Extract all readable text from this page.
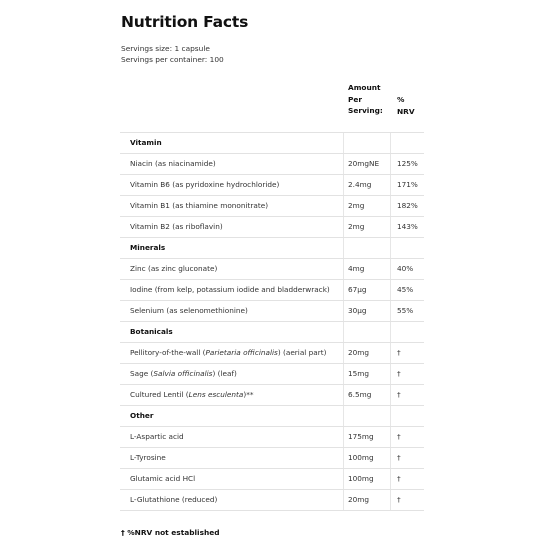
Nutrition Facts
Servings size: 1 capsule
Servings per container: 100
Amount
Per
Serving:
%
NRV
Vitamin
Niacin (as niacinamide)	20mgNE 125%
Vitamin B6 (as pyridoxine hydrochloride)	2.4mg	171%
Vitamin B1 (as thiamine mononitrate)	2mg	182%
Vitamin B2 (as riboflavin)	2mg	143%
Minerals
Zinc (as zinc gluconate)	4mg	40%
Iodine (from kelp, potassium iodide and bladderwrack) 67µg	45%
Selenium (as selenomethionine)	30µg	55%
Botanicals
Pellitory-of-the-wall (Parietaria officinalis) (aerial part)	20mg	†
Sage (Salvia officinalis) (leaf)	15mg	†
Cultured Lentil (Lens esculenta)**	6.5mg	†
Other
L-Aspartic acid	175mg	†
L-Tyrosine	100mg	†
Glutamic acid HCl	100mg	†
L-Glutathione (reduced)	20mg	†
† %NRV not established
